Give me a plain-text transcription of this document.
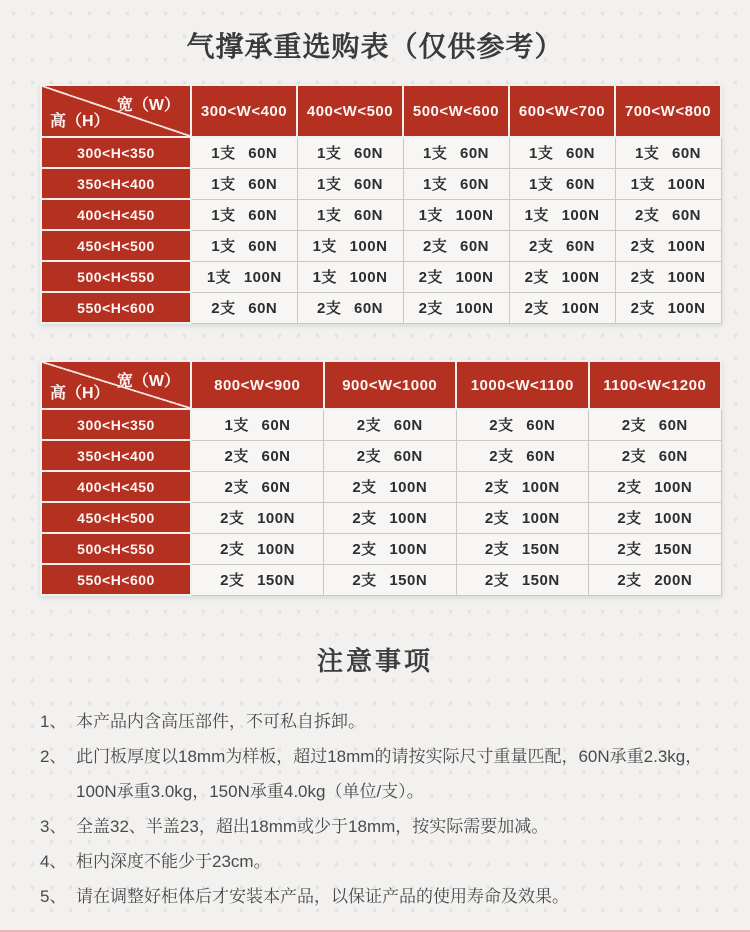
气撑承重选购表（仅供参考）
宽（W）
高（H）	300<W<400	400<W<500	500<W<600	600<W<700	700<W<800
300<H<350	1支 60N	1支 60N	1支 60N	1支 60N	1支 60N
350<H<400	1支 60N	1支 60N	1支 60N	1支 60N	1支 100N
400<H<450	1支 60N	1支 60N	1支 100N	1支 100N	2支 60N
450<H<500	1支 60N	1支 100N	2支 60N	2支 60N	2支 100N
500<H<550	1支 100N	1支 100N	2支 100N	2支 100N	2支 100N
550<H<600	2支 60N	2支 60N	2支 100N	2支 100N	2支 100N
宽（W）
高（H）	800<W<900	900<W<1000	1000<W<1100	1100<W<1200
300<H<350	1支 60N	2支 60N	2支 60N	2支 60N
350<H<400	2支 60N	2支 60N	2支 60N	2支 60N
400<H<450	2支 60N	2支 100N	2支 100N	2支 100N
450<H<500	2支 100N	2支 100N	2支 100N	2支 100N
500<H<550	2支 100N	2支 100N	2支 150N	2支 150N
550<H<600	2支 150N	2支 150N	2支 150N	2支 200N
注意事项
1、 本产品内含高压部件，不可私自拆卸。
2、 此门板厚度以18mm为样板，超过18mm的请按实际尺寸重量匹配，60N承重2.3kg，100N承重3.0kg，150N承重4.0kg（单位/支）。
3、 全盖32、半盖23，超出18mm或少于18mm，按实际需要加减。
4、 柜内深度不能少于23cm。
5、 请在调整好柜体后才安装本产品，以保证产品的使用寿命及效果。
